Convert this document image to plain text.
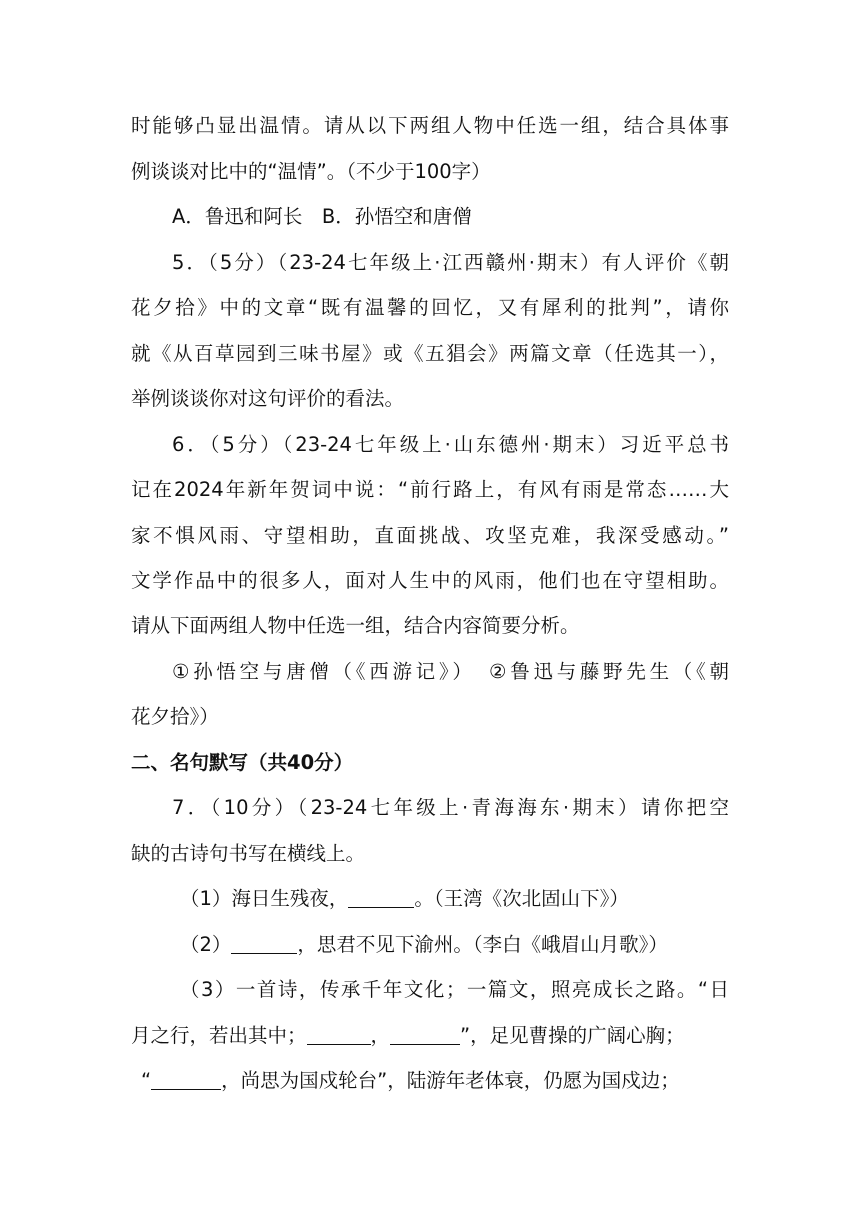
时能够凸显出温情。请从以下两组人物中任选一组，结合具体事
例谈谈对比中的“温情”。（不少于100字）
A．鲁迅和阿长　B．孙悟空和唐僧
5．（5分）（23-24七年级上·江西赣州·期末）有人评价《朝
花夕拾》中的文章“既有温馨的回忆，又有犀利的批判”，请你
就《从百草园到三味书屋》或《五猖会》两篇文章（任选其一），
举例谈谈你对这句评价的看法。
6．（5分）（23-24七年级上·山东德州·期末）习近平总书
记在2024年新年贺词中说：“前行路上，有风有雨是常态……大
家不惧风雨、守望相助，直面挑战、攻坚克难，我深受感动。”
文学作品中的很多人，面对人生中的风雨，他们也在守望相助。
请从下面两组人物中任选一组，结合内容简要分析。
①孙悟空与唐僧（《西游记》）　②鲁迅与藤野先生（《朝
花夕拾》）
二、名句默写（共40分）
7．（10分）（23-24七年级上·青海海东·期末）请你把空
缺的古诗句书写在横线上。
（1）海日生残夜，	。（王湾《次北固山下》）
（2）	，思君不见下渝州。（李白《峨眉山月歌》）
（3）一首诗，传承千年文化；一篇文，照亮成长之路。“日
月之行，若出其中；	，	”，足见曹操的广阔心胸；
“	，尚思为国戍轮台”，陆游年老体衰，仍愿为国戍边；
